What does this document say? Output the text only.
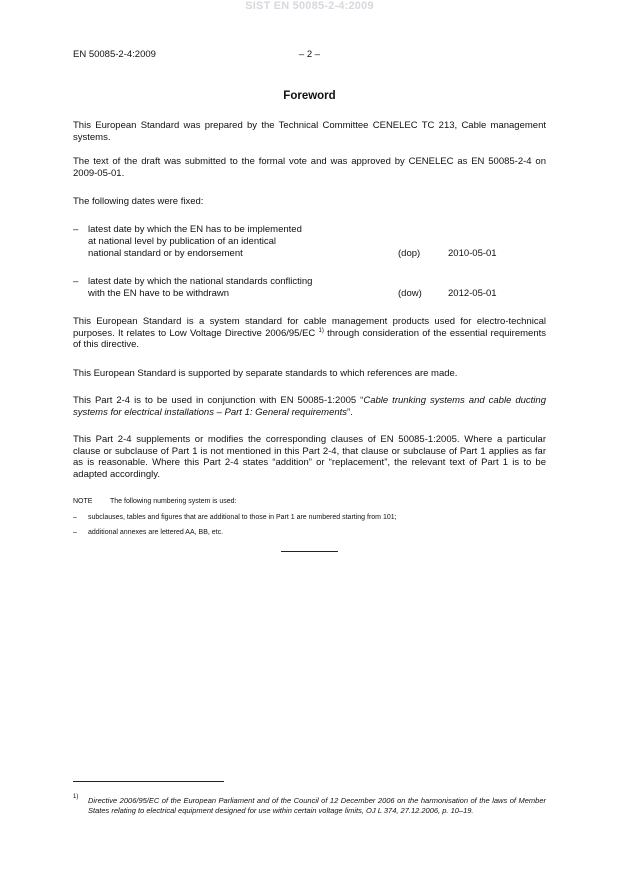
SIST EN 50085-2-4:2009
EN 50085-2-4:2009	– 2 –
Foreword

This European Standard was prepared by the Technical Committee CENELEC TC 213, Cable management systems.

The text of the draft was submitted to the formal vote and was approved by CENELEC as EN 50085-2-4 on 2009-05-01.

The following dates were fixed:

– latest date by which the EN has to be implemented
at national level by publication of an identical
national standard or by endorsement	(dop)	2010-05-01
– latest date by which the national standards conflicting
with the EN have to be withdrawn	(dow)	2012-05-01

This European Standard is a system standard for cable management products used for electro-technical purposes. It relates to Low Voltage Directive 2006/95/EC $^{1)}$ through consideration of the essential requirements of this directive.

This European Standard is supported by separate standards to which references are made.

This Part 2-4 is to be used in conjunction with EN 50085-1:2005 “Cable trunking systems and cable ducting systems for electrical installations – Part 1: General requirements”.

This Part 2-4 supplements or modifies the corresponding clauses of EN 50085-1:2005. Where a particular clause or subclause of Part 1 is not mentioned in this Part 2-4, that clause or subclause of Part 1 applies as far as is reasonable. Where this Part 2-4 states “addition” or “replacement”, the relevant text of Part 1 is to be adapted accordingly.

NOTE	The following numbering system is used:
– subclauses, tables and figures that are additional to those in Part 1 are numbered starting from 101;
– additional annexes are lettered AA, BB, etc.
1) Directive 2006/95/EC of the European Parliament and of the Council of 12 December 2006 on the harmonisation of the laws of Member States relating to electrical equipment designed for use within certain voltage limits, OJ L 374, 27.12.2006, p. 10–19.
